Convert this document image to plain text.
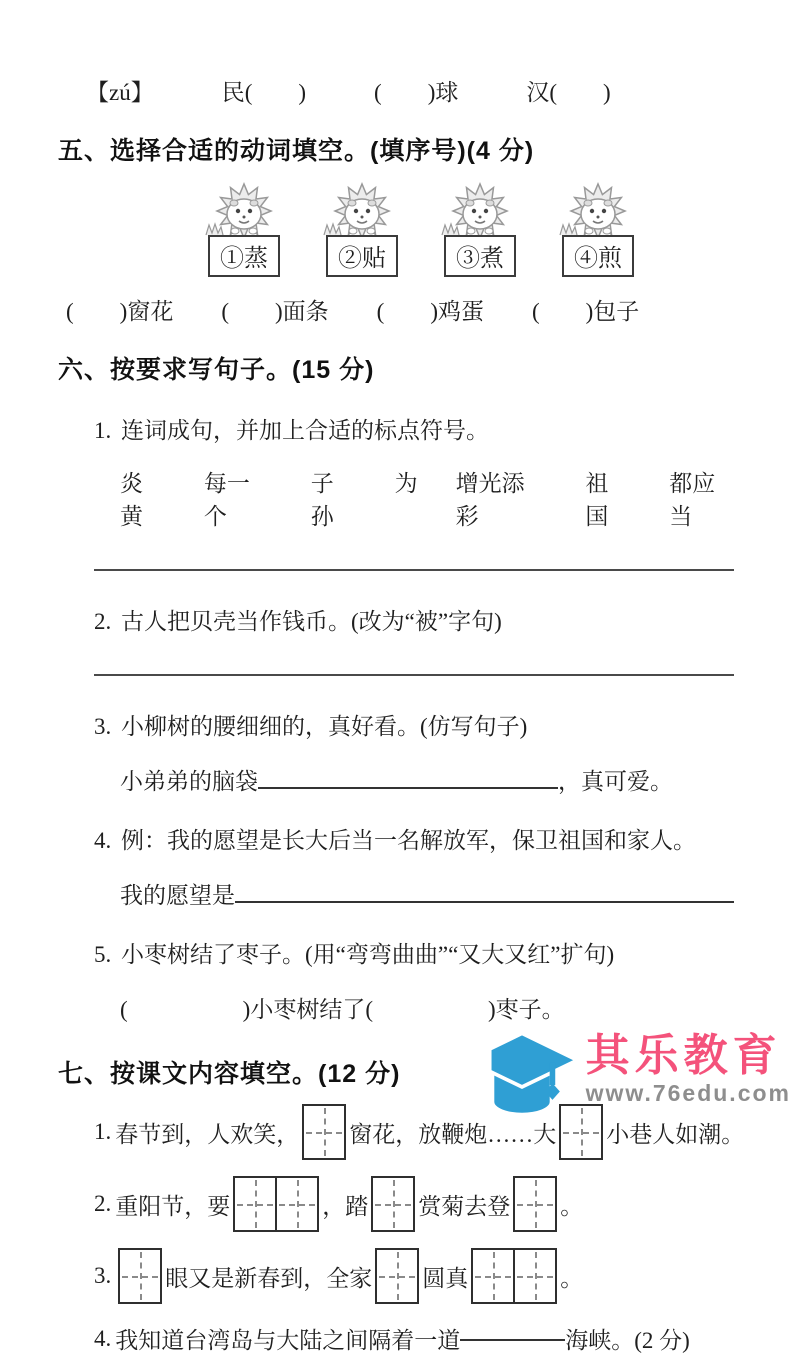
【zú】	民(　　)	(　　)球	汉(　　)
五、选择合适的动词填空。(填序号)(4 分)
①蒸	②贴	③煮	④煎
(　　)窗花 (　　)面条 (　　)鸡蛋 (　　)包子
六、按要求写句子。(15 分)
1. 连词成句，并加上合适的标点符号。
炎黄
每一个
子孙
为 增光添彩
祖国
都应当
2. 古人把贝壳当作钱币。(改为“被”字句)
3. 小柳树的腰细细的，真好看。(仿写句子)
小弟弟的脑袋	，真可爱。
4. 例：我的愿望是长大后当一名解放军，保卫祖国和家人。
我的愿望是
5. 小枣树结了枣子。(用“弯弯曲曲”“又大又红”扩句)
(　　　　　)小枣树结了(　　　　　)枣子。
七、按课文内容填空。(12 分)
1. 春节到，人欢笑， 窗花，放鞭炮……大 小巷人如潮。
2. 重阳节，要	，踏 赏菊去登 。
3. 眼又是新春到，全家 圆真	。
4. 我知道台湾岛与大陆之间隔着一道	海峡。(2 分)
其乐教育
www.76edu.com
